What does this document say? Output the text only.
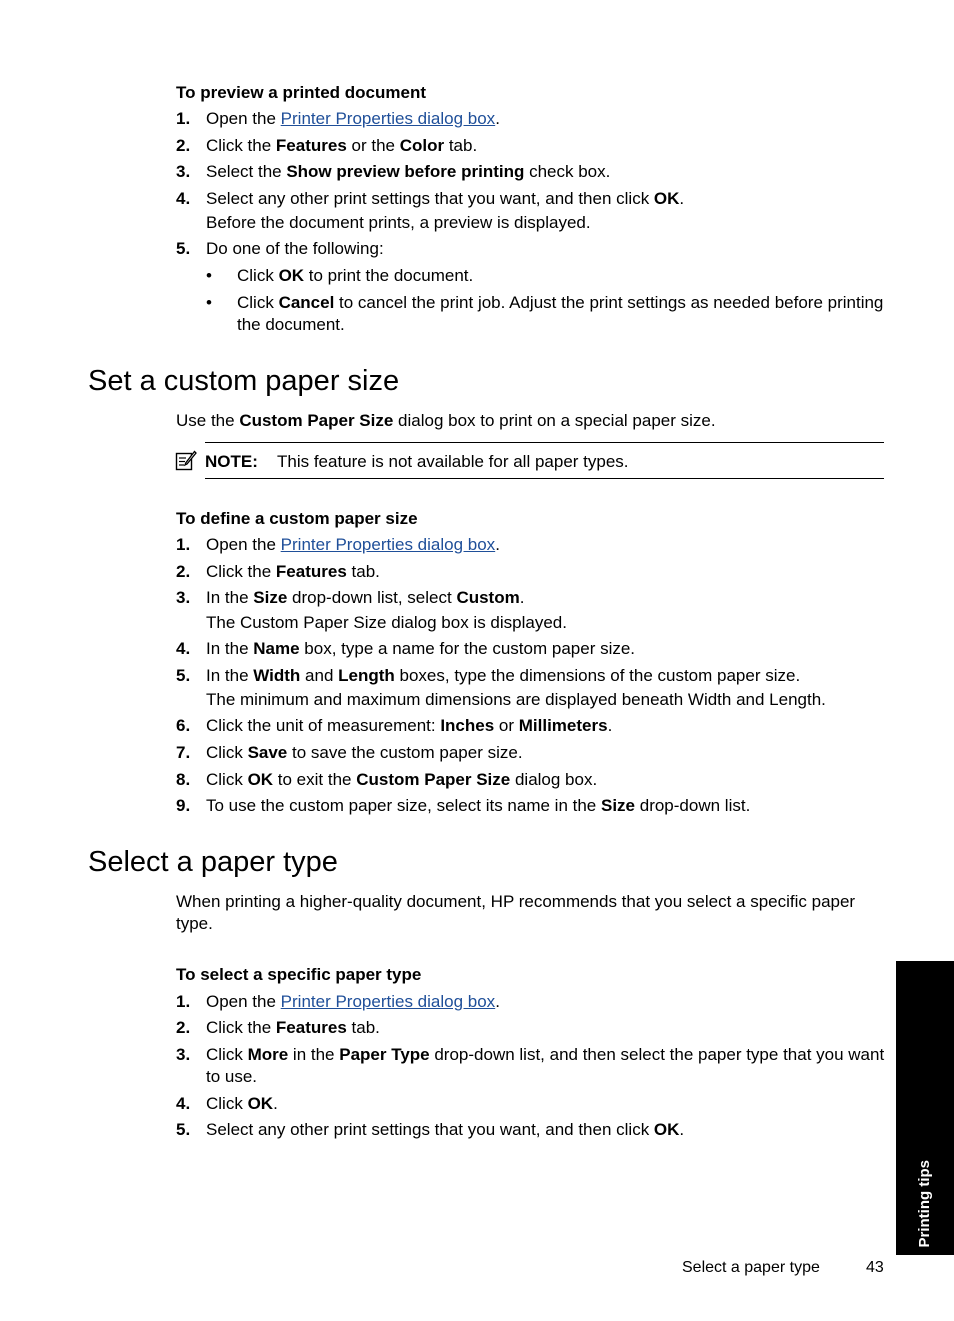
To preview a printed document
1. Open the Printer Properties dialog box.
2. Click the Features or the Color tab.
3. Select the Show preview before printing check box.
4. Select any other print settings that you want, and then click OK.
Before the document prints, a preview is displayed.
5. Do one of the following:
•	Click OK to print the document.
•	Click Cancel to cancel the print job. Adjust the print settings as needed before printing the document.
Set a custom paper size
Use the Custom Paper Size dialog box to print on a special paper size.
NOTE: This feature is not available for all paper types.
To define a custom paper size
1. Open the Printer Properties dialog box.
2. Click the Features tab.
3. In the Size drop-down list, select Custom.
The Custom Paper Size dialog box is displayed.
4. In the Name box, type a name for the custom paper size.
5. In the Width and Length boxes, type the dimensions of the custom paper size.
The minimum and maximum dimensions are displayed beneath Width and Length.
6. Click the unit of measurement: Inches or Millimeters.
7. Click Save to save the custom paper size.
8. Click OK to exit the Custom Paper Size dialog box.
9. To use the custom paper size, select its name in the Size drop-down list.
Select a paper type
When printing a higher-quality document, HP recommends that you select a specific paper type.
To select a specific paper type
1. Open the Printer Properties dialog box.
2. Click the Features tab.
3. Click More in the Paper Type drop-down list, and then select the paper type that you want to use.
4. Click OK.
5. Select any other print settings that you want, and then click OK.
Printing tips
Select a paper type	43
